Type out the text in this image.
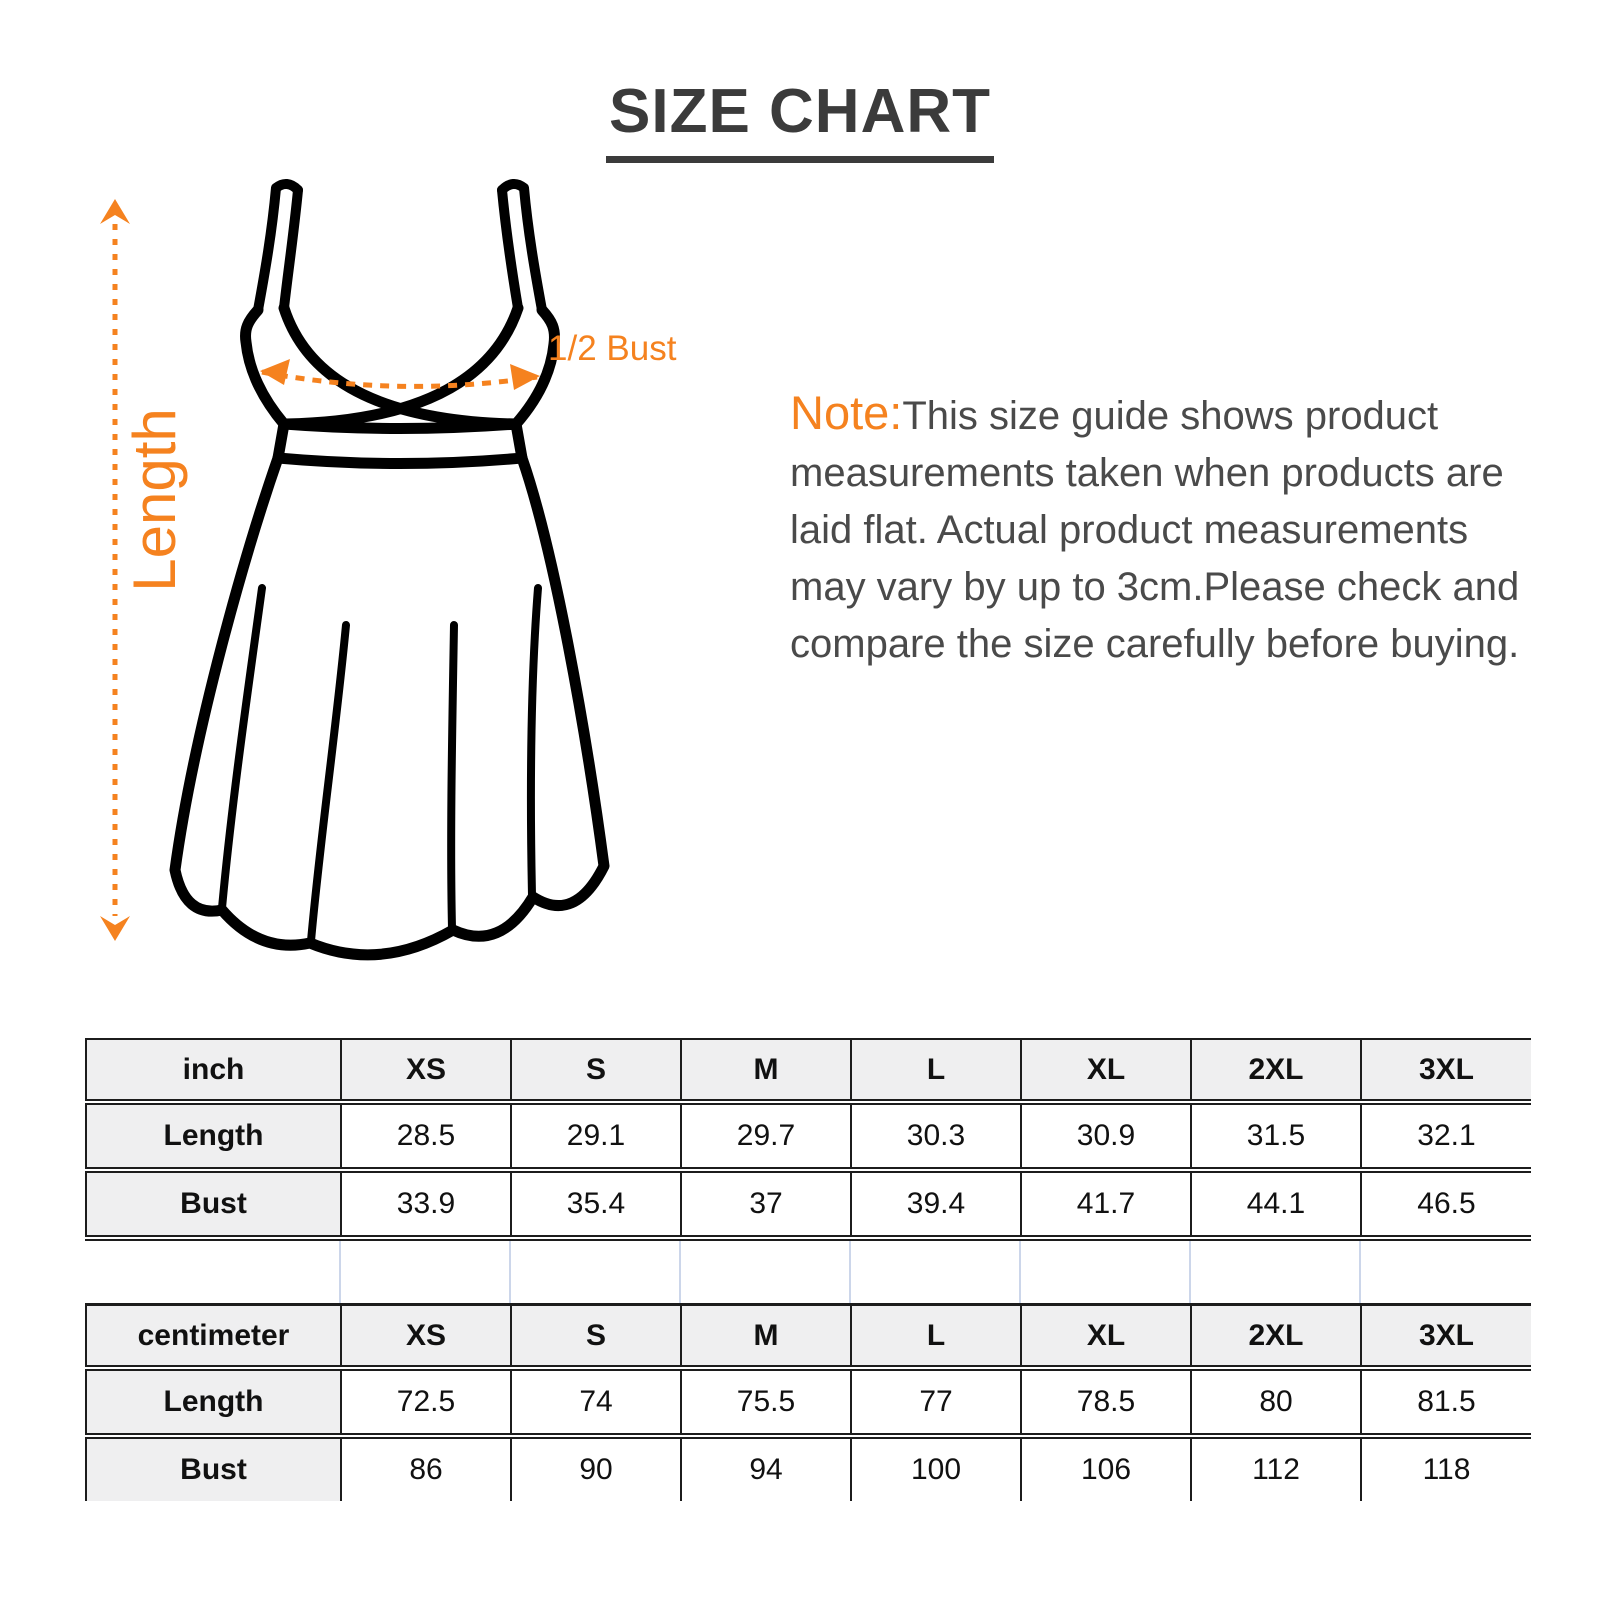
SIZE CHART
Length
1/2 Bust

Note:This size guide shows product measurements taken when products are laid flat. Actual product measurements may vary by up to 3cm.Please check and compare the size carefully before buying.

inch	XS	S	M	L	XL	2XL	3XL
Length	28.5	29.1	29.7	30.3	30.9	31.5	32.1
Bust	33.9	35.4	37	39.4	41.7	44.1	46.5
centimeter	XS	S	M	L	XL	2XL	3XL
Length	72.5	74	75.5	77	78.5	80	81.5
Bust	86	90	94	100	106	112	118
